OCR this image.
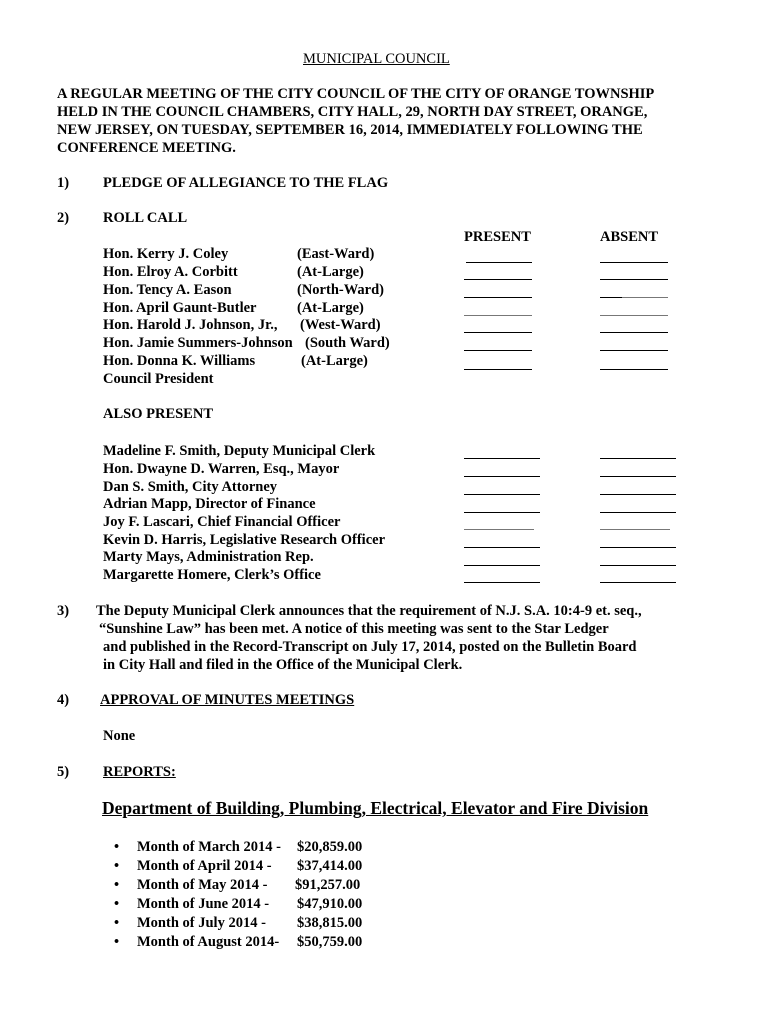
MUNICIPAL COUNCIL
A REGULAR MEETING OF THE CITY COUNCIL OF THE CITY OF ORANGE TOWNSHIP
HELD IN THE COUNCIL CHAMBERS, CITY HALL, 29, NORTH DAY STREET, ORANGE,
NEW JERSEY, ON TUESDAY, SEPTEMBER 16, 2014, IMMEDIATELY FOLLOWING THE
CONFERENCE MEETING.
1) PLEDGE OF ALLEGIANCE TO THE FLAG
2) ROLL CALL
PRESENT	ABSENT
Hon. Kerry J. Coley	(East-Ward)
Hon. Elroy A. Corbitt	(At-Large)
Hon. Tency A. Eason	(North-Ward)
Hon. April Gaunt-Butler	(At-Large)
Hon. Harold J. Johnson, Jr., (West-Ward)
Hon. Jamie Summers-Johnson (South Ward)
Hon. Donna K. Williams	(At-Large)
Council President
ALSO PRESENT
Madeline F. Smith, Deputy Municipal Clerk
Hon. Dwayne D. Warren, Esq., Mayor
Dan S. Smith, City Attorney
Adrian Mapp, Director of Finance
Joy F. Lascari, Chief Financial Officer
Kevin D. Harris, Legislative Research Officer
Marty Mays, Administration Rep.
Margarette Homere, Clerk’s Office
3) The Deputy Municipal Clerk announces that the requirement of N.J. S.A. 10:4-9 et. seq.,
“Sunshine Law” has been met. A notice of this meeting was sent to the Star Ledger
and published in the Record-Transcript on July 17, 2014, posted on the Bulletin Board
in City Hall and filed in the Office of the Municipal Clerk.
4) APPROVAL OF MINUTES MEETINGS
None
5) REPORTS:
Department of Building, Plumbing, Electrical, Elevator and Fire Division
• Month of March 2014 - $20,859.00
• Month of April 2014 - $37,414.00
• Month of May 2014 - $91,257.00
• Month of June 2014 - $47,910.00
• Month of July 2014 - $38,815.00
• Month of August 2014- $50,759.00
